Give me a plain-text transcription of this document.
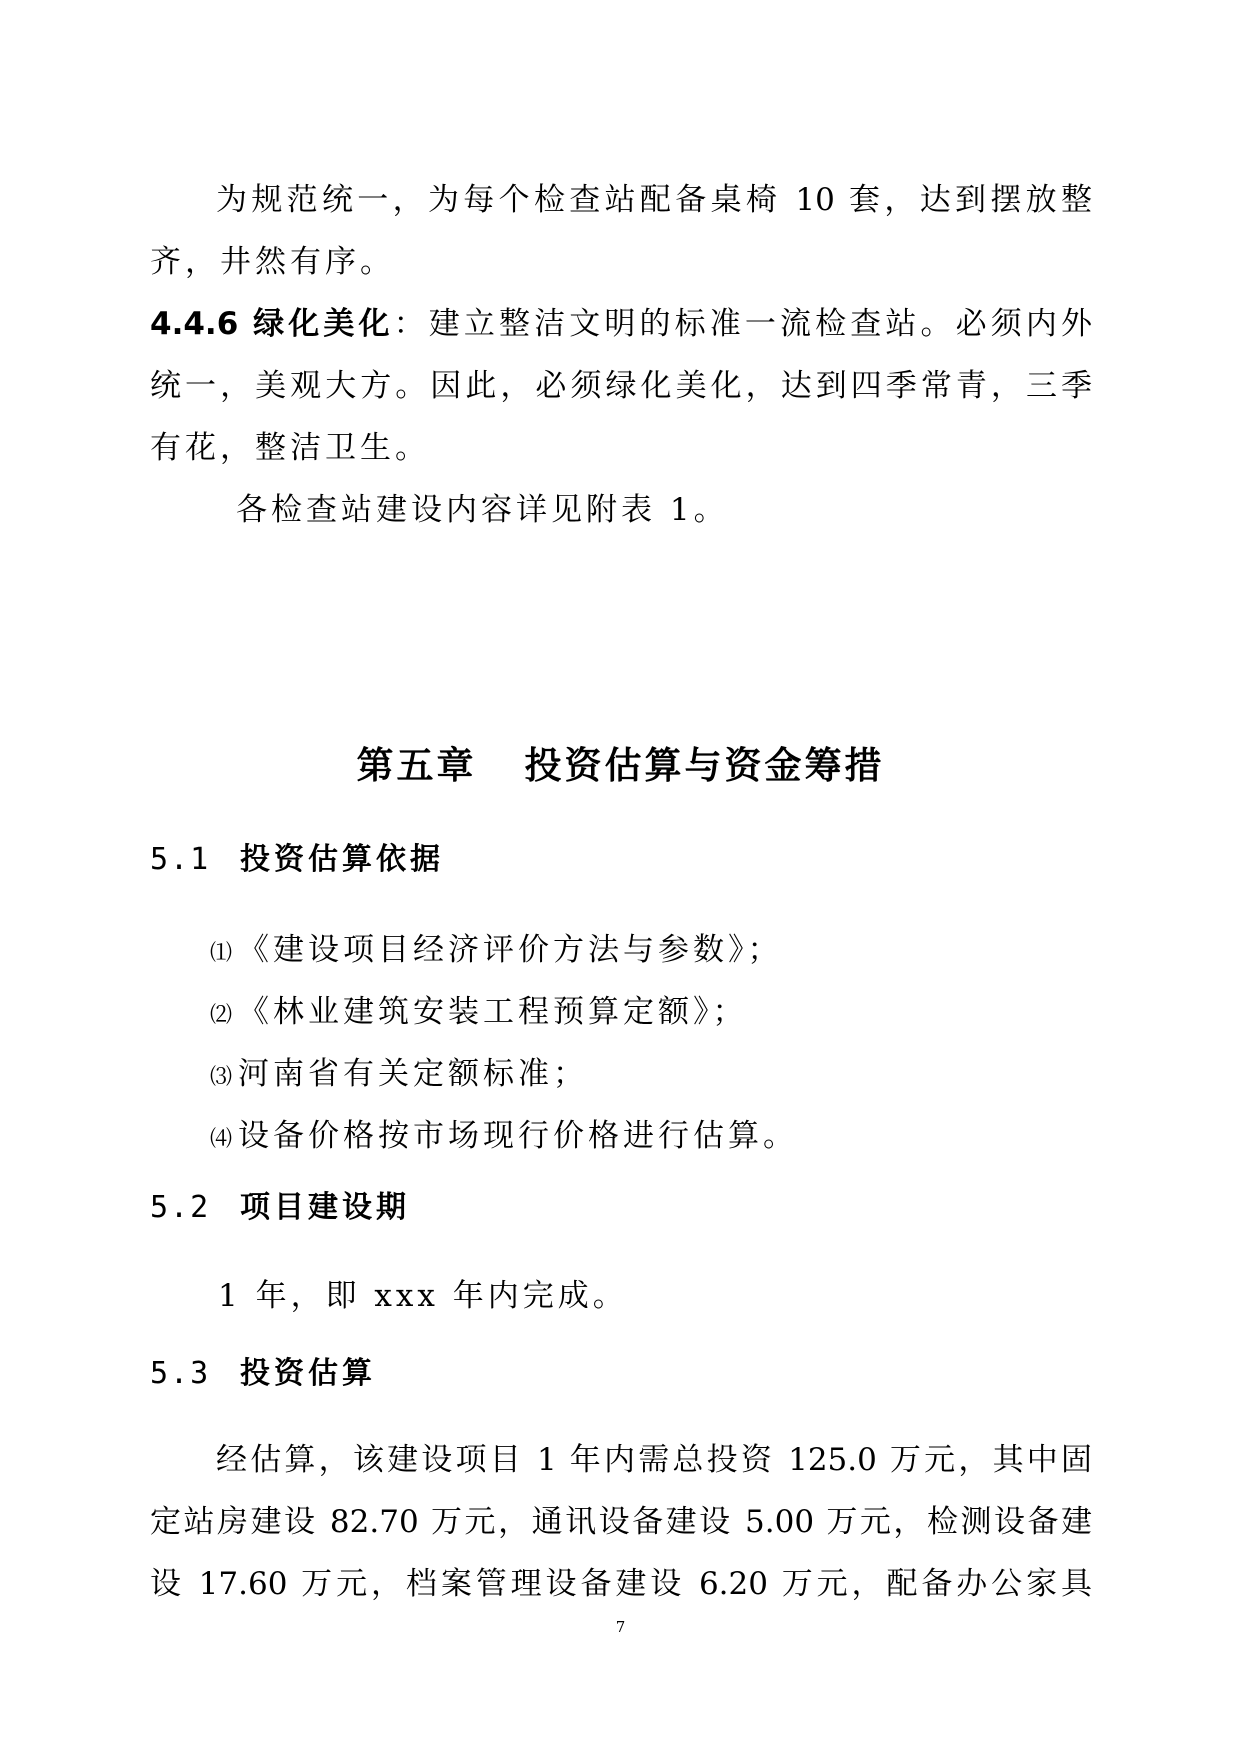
为规范统一，为每个检查站配备桌椅 10 套，达到摆放整
齐，井然有序。
4.4.6 绿化美化：建立整洁文明的标准一流检查站。必须内外
统一，美观大方。因此，必须绿化美化，达到四季常青，三季
有花，整洁卫生。
各检查站建设内容详见附表 1。
第五章 投资估算与资金筹措
5.1 投资估算依据
⑴ 《建设项目经济评价方法与参数》；
⑵ 《林业建筑安装工程预算定额》；
⑶ 河南省有关定额标准；
⑷ 设备价格按市场现行价格进行估算。
5.2 项目建设期
1 年，即 xxx 年内完成。
5.3 投资估算
经估算，该建设项目 1 年内需总投资 125.0 万元，其中固
定站房建设 82.70 万元，通讯设备建设 5.00 万元，检测设备建
设 17.60 万元，档案管理设备建设 6.20 万元，配备办公家具
7
